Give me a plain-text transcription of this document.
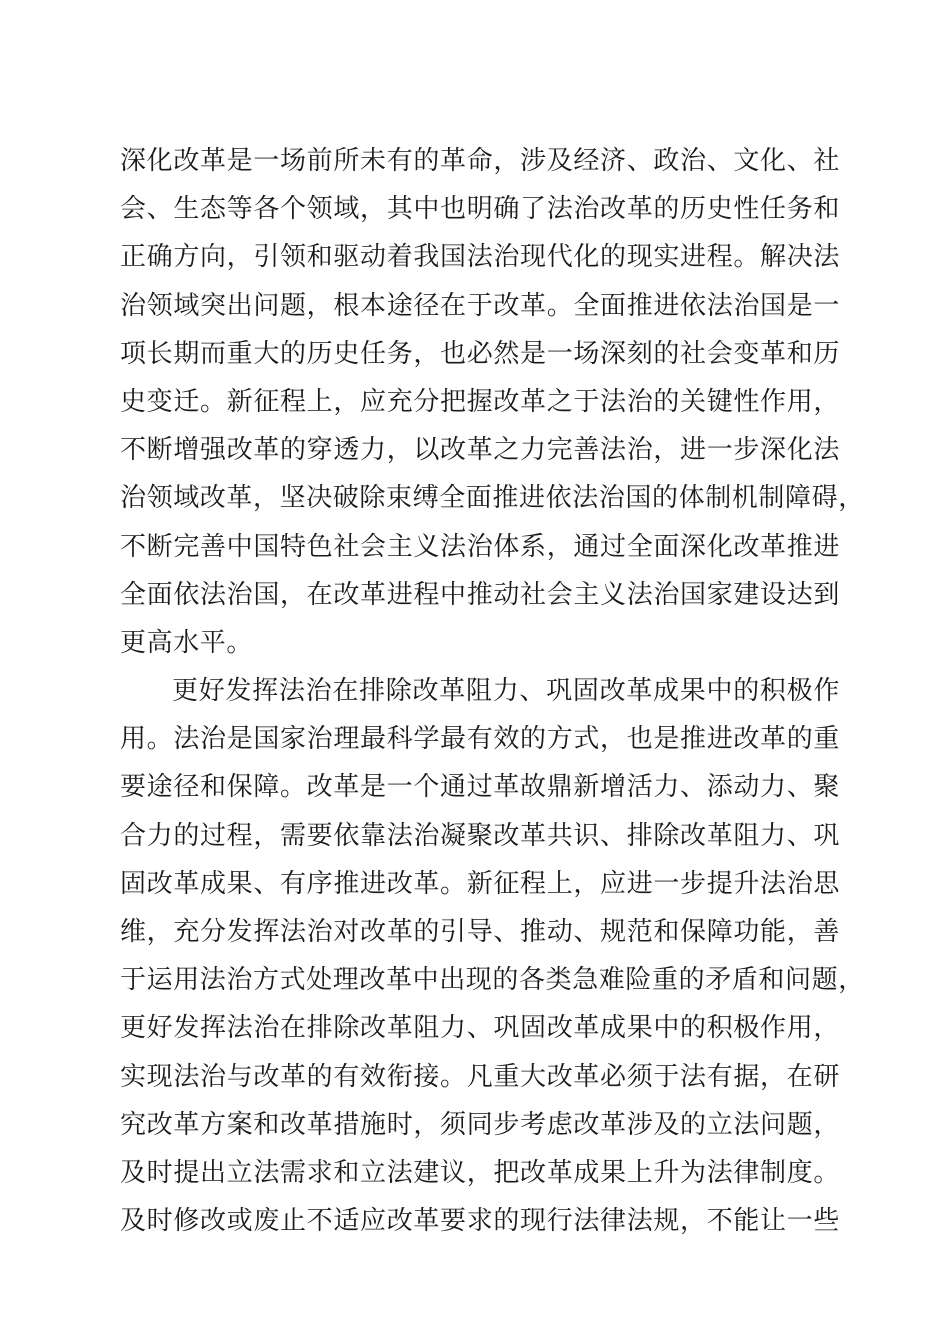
深化改革是一场前所未有的革命，涉及经济、政治、文化、社
会、生态等各个领域，其中也明确了法治改革的历史性任务和
正确方向，引领和驱动着我国法治现代化的现实进程。解决法
治领域突出问题，根本途径在于改革。全面推进依法治国是一
项长期而重大的历史任务，也必然是一场深刻的社会变革和历
史变迁。新征程上，应充分把握改革之于法治的关键性作用，
不断增强改革的穿透力，以改革之力完善法治，进一步深化法
治领域改革，坚决破除束缚全面推进依法治国的体制机制障碍，
不断完善中国特色社会主义法治体系，通过全面深化改革推进
全面依法治国，在改革进程中推动社会主义法治国家建设达到
更高水平。
更好发挥法治在排除改革阻力、巩固改革成果中的积极作
用。法治是国家治理最科学最有效的方式，也是推进改革的重
要途径和保障。改革是一个通过革故鼎新增活力、添动力、聚
合力的过程，需要依靠法治凝聚改革共识、排除改革阻力、巩
固改革成果、有序推进改革。新征程上，应进一步提升法治思
维，充分发挥法治对改革的引导、推动、规范和保障功能，善
于运用法治方式处理改革中出现的各类急难险重的矛盾和问题，
更好发挥法治在排除改革阻力、巩固改革成果中的积极作用，
实现法治与改革的有效衔接。凡重大改革必须于法有据，在研
究改革方案和改革措施时，须同步考虑改革涉及的立法问题，
及时提出立法需求和立法建议，把改革成果上升为法律制度。
及时修改或废止不适应改革要求的现行法律法规，不能让一些
